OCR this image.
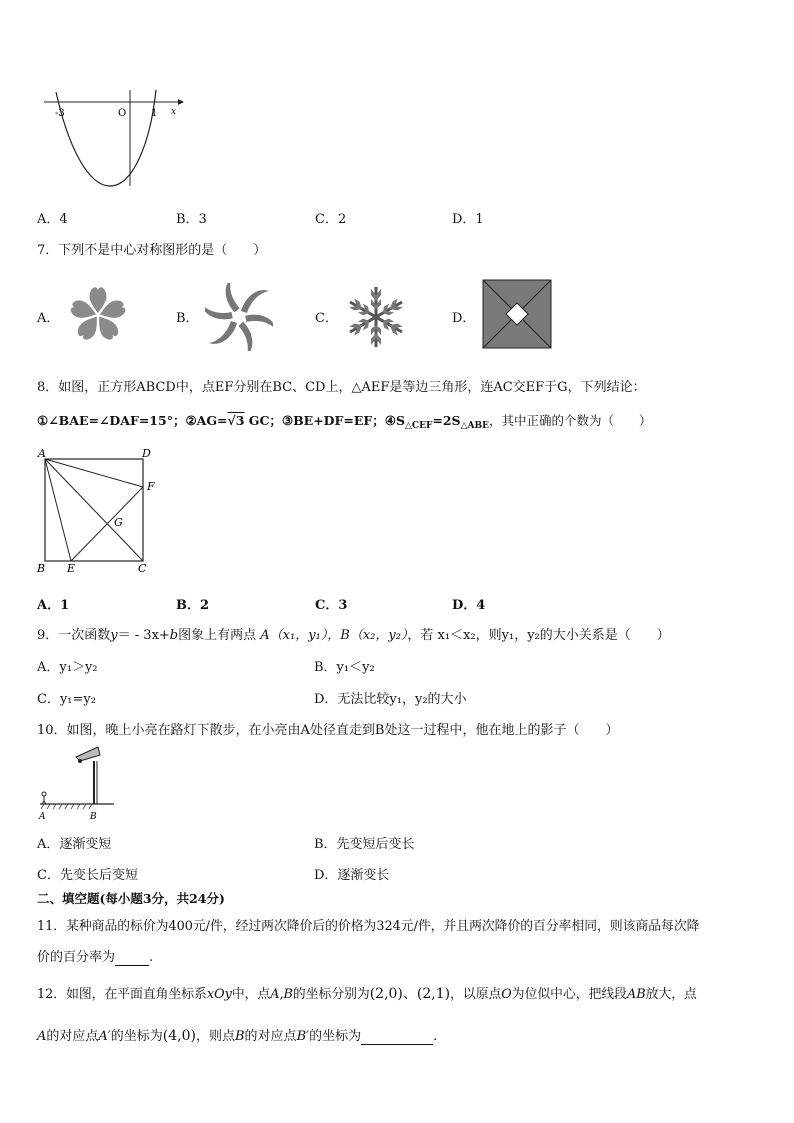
-3	O 1 x
A．4	B．3	C．2	D．1
7．下列不是中心对称图形的是（　　）
A．	B．	C．	D．
8．如图，正方形ABCD中，点EF分别在BC、CD上，△AEF是等边三角形，连AC交EF于G，下列结论：
①∠BAE=∠DAF=15°；②AG=√3 GC；③BE+DF=EF；$④S_{\triangle CEF}=2S_{\triangle ABE}$，其中正确的个数为（　　）
A	D
F
G
B E	C
A．1	B．2	C．3	D．4
9．一次函数y＝ - 3x+b图象上有两点 A（x₁，y₁），B（x₂，y₂），若 x₁＜x₂，则y₁，y₂的大小关系是（　　）
A．y₁＞y₂	B．y₁＜y₂
C．y₁=y₂	D．无法比较y₁，y₂的大小
10．如图，晚上小亮在路灯下散步，在小亮由A处径直走到B处这一过程中，他在地上的影子（　　）
A	B
A．逐渐变短	B．先变短后变长
C．先变长后变短	D．逐渐变长
二、填空题(每小题3分，共24分)
11．某种商品的标价为400元/件，经过两次降价后的价格为324元/件，并且两次降价的百分率相同，则该商品每次降
价的百分率为	.
12．如图，在平面直角坐标系xOy中，点A,B的坐标分别为(2,0)、(2,1)，以原点O为位似中心，把线段AB放大，点
A的对应点A′的坐标为(4,0)，则点B的对应点B′的坐标为	.
